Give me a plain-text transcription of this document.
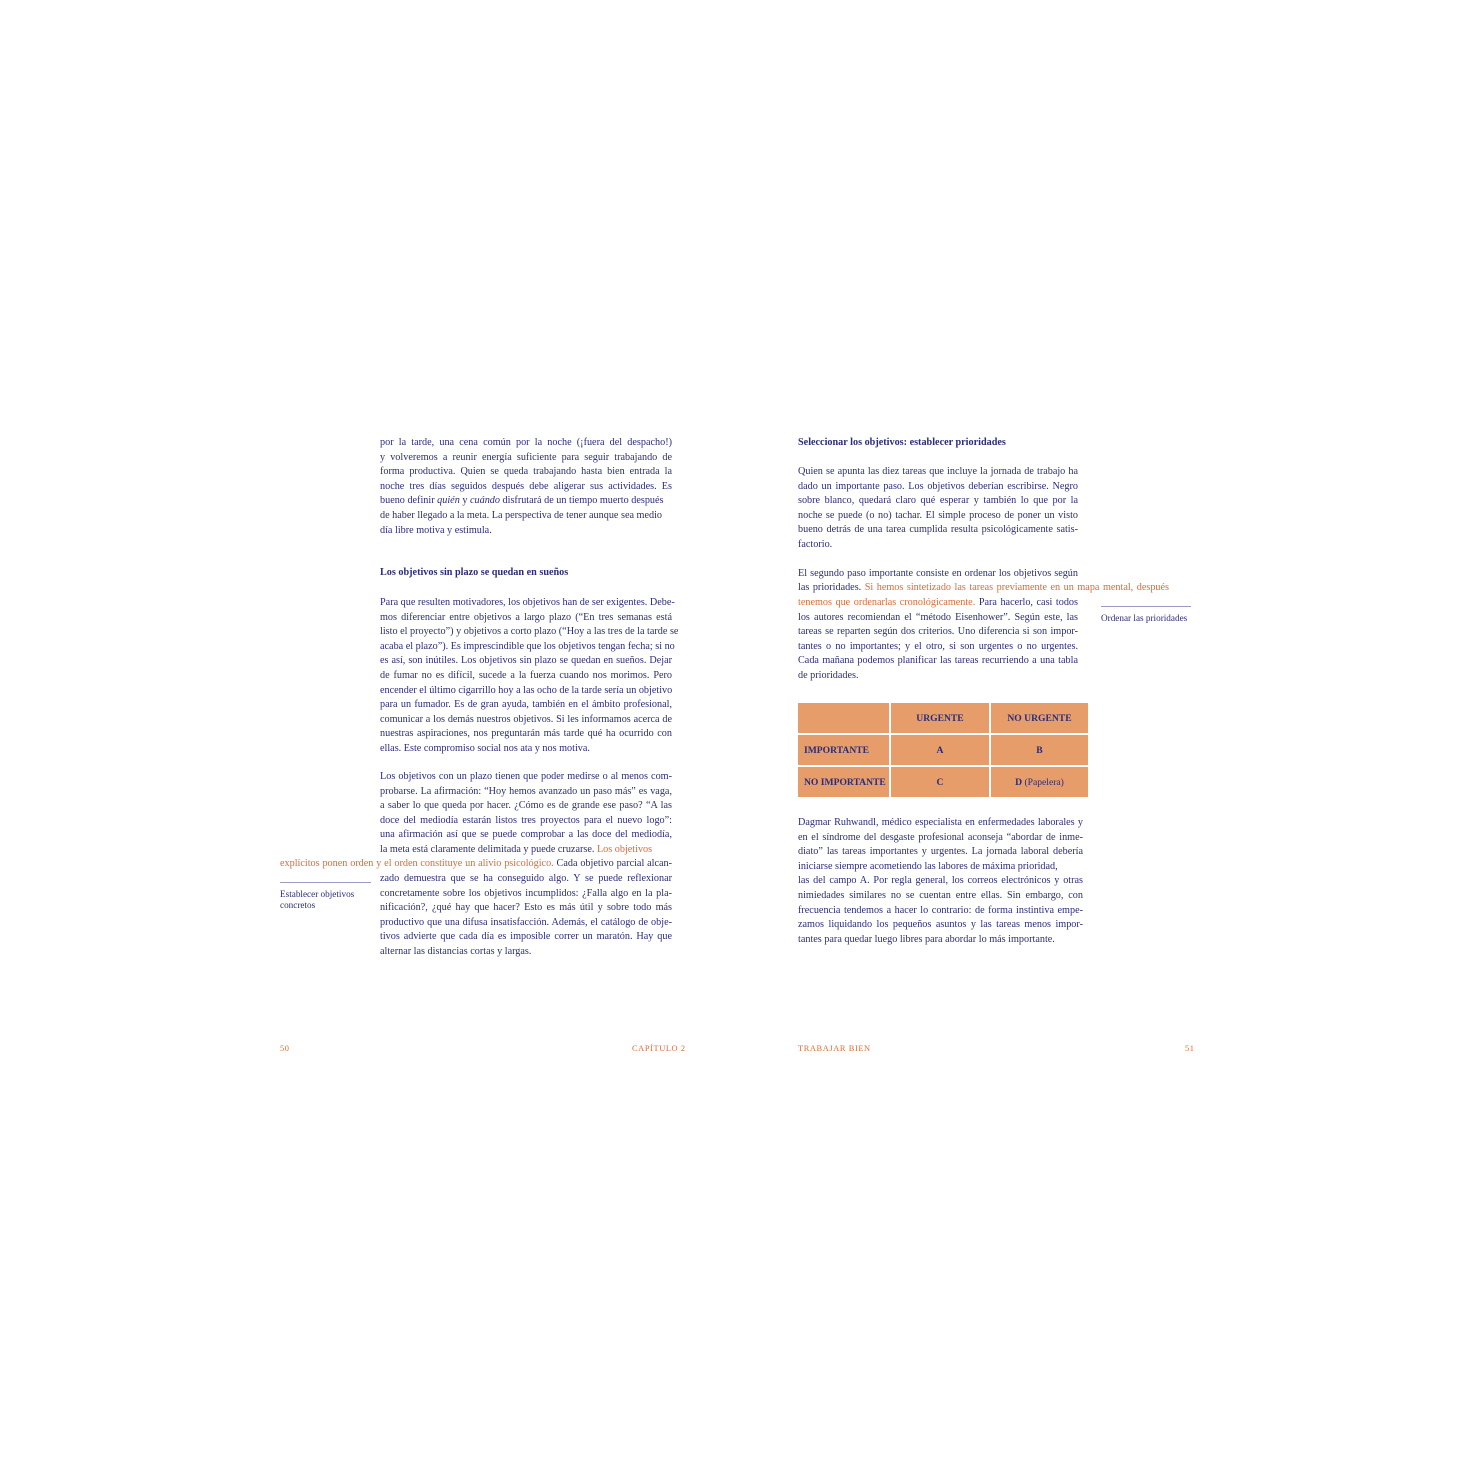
por la tarde, una cena común por la noche (¡fuera del despacho!)
y volveremos a reunir energía suficiente para seguir trabajando de
forma productiva. Quien se queda trabajando hasta bien entrada la
noche tres días seguidos después debe aligerar sus actividades. Es
bueno definir quién y cuándo disfrutará de un tiempo muerto después
de haber llegado a la meta. La perspectiva de tener aunque sea medio
día libre motiva y estimula.
Los objetivos sin plazo se quedan en sueños
Para que resulten motivadores, los objetivos han de ser exigentes. Debe-
mos diferenciar entre objetivos a largo plazo (“En tres semanas está
listo el proyecto”) y objetivos a corto plazo (“Hoy a las tres de la tarde se
acaba el plazo”). Es imprescindible que los objetivos tengan fecha; si no
es así, son inútiles. Los objetivos sin plazo se quedan en sueños. Dejar
de fumar no es difícil, sucede a la fuerza cuando nos morimos. Pero
encender el último cigarrillo hoy a las ocho de la tarde sería un objetivo
para un fumador. Es de gran ayuda, también en el ámbito profesional,
comunicar a los demás nuestros objetivos. Si les informamos acerca de
nuestras aspiraciones, nos preguntarán más tarde qué ha ocurrido con
ellas. Este compromiso social nos ata y nos motiva.
Los objetivos con un plazo tienen que poder medirse o al menos com-
probarse. La afirmación: “Hoy hemos avanzado un paso más” es vaga,
a saber lo que queda por hacer. ¿Cómo es de grande ese paso? “A las
doce del mediodía estarán listos tres proyectos para el nuevo logo”:
una afirmación así que se puede comprobar a las doce del mediodía,
la meta está claramente delimitada y puede cruzarse. Los objetivos
explícitos ponen orden y el orden constituye un alivio psicológico. Cada objetivo parcial alcan-
zado demuestra que se ha conseguido algo. Y se puede reflexionar
concretamente sobre los objetivos incumplidos: ¿Falla algo en la pla-
nificación?, ¿qué hay que hacer? Esto es más útil y sobre todo más
productivo que una difusa insatisfacción. Además, el catálogo de obje-
tivos advierte que cada día es imposible correr un maratón. Hay que
alternar las distancias cortas y largas.
Establecer objetivos
concretos
50	CAPÍTULO 2
Seleccionar los objetivos: establecer prioridades
Quien se apunta las diez tareas que incluye la jornada de trabajo ha
dado un importante paso. Los objetivos deberían escribirse. Negro
sobre blanco, quedará claro qué esperar y también lo que por la
noche se puede (o no) tachar. El simple proceso de poner un visto
bueno detrás de una tarea cumplida resulta psicológicamente satis-
factorio.
El segundo paso importante consiste en ordenar los objetivos según
las prioridades. Si hemos sintetizado las tareas previamente en un mapa mental, después
tenemos que ordenarlas cronológicamente. Para hacerlo, casi todos
los autores recomiendan el “método Eisenhower”. Según este, las
tareas se reparten según dos criterios. Uno diferencia si son impor-
tantes o no importantes; y el otro, si son urgentes o no urgentes.
Cada mañana podemos planificar las tareas recurriendo a una tabla
de prioridades.
Ordenar las prioridades
	URGENTE	NO URGENTE
IMPORTANTE	A	B
NO IMPORTANTE	C	D (Papelera)
Dagmar Ruhwandl, médico especialista en enfermedades laborales y
en el síndrome del desgaste profesional aconseja “abordar de inme-
diato” las tareas importantes y urgentes. La jornada laboral debería
iniciarse siempre acometiendo las labores de máxima prioridad,
las del campo A. Por regla general, los correos electrónicos y otras
nimiedades similares no se cuentan entre ellas. Sin embargo, con
frecuencia tendemos a hacer lo contrario: de forma instintiva empe-
zamos liquidando los pequeños asuntos y las tareas menos impor-
tantes para quedar luego libres para abordar lo más importante.
TRABAJAR BIEN	51
